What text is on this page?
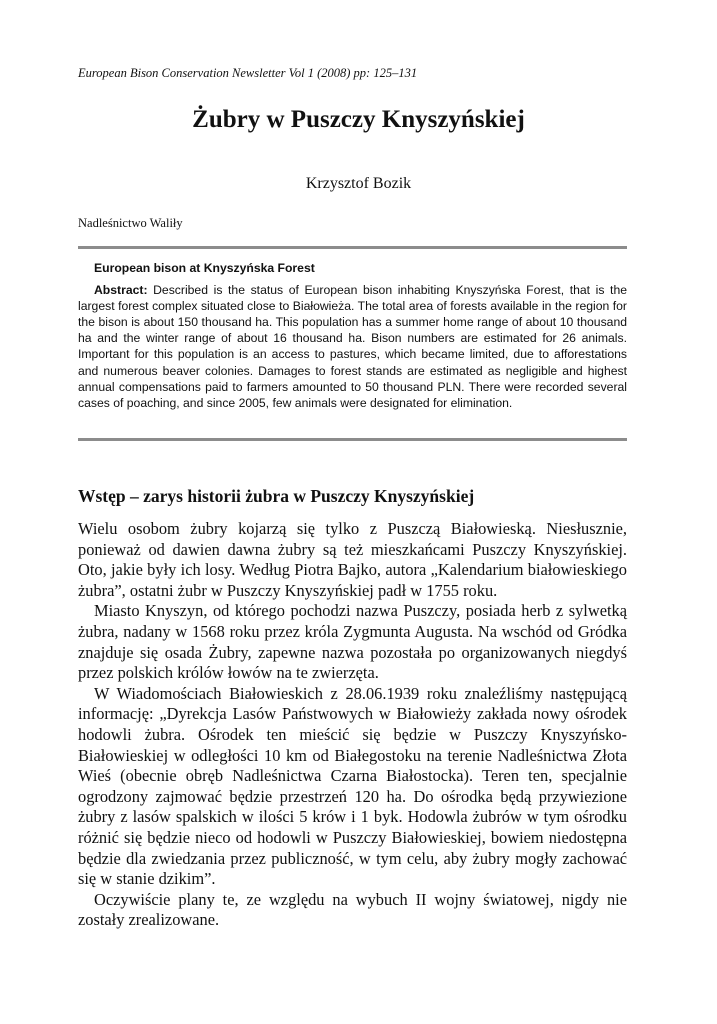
European Bison Conservation Newsletter Vol 1 (2008) pp: 125–131
Żubry w Puszczy Knyszyńskiej
Krzysztof Bozik
Nadleśnictwo Waliły
European bison at Knyszyńska Forest

Abstract: Described is the status of European bison inhabiting Knyszyńska Forest, that is the largest forest complex situated close to Białowieża. The total area of forests available in the region for the bison is about 150 thousand ha. This population has a summer home range of about 10 thousand ha and the winter range of about 16 thousand ha. Bison numbers are estimated for 26 animals. Important for this population is an access to pastures, which became limited, due to afforestations and numerous beaver colonies. Damages to forest stands are estimated as negligible and highest annual compensations paid to farmers amounted to 50 thousand PLN. There were recorded several cases of poaching, and since 2005, few animals were designated for elimination.

Wstęp – zarys historii żubra w Puszczy Knyszyńskiej

Wielu osobom żubry kojarzą się tylko z Puszczą Białowieską. Niesłusznie, ponieważ od dawien dawna żubry są też mieszkańcami Puszczy Knyszyńskiej. Oto, jakie były ich losy. Według Piotra Bajko, autora „Kalendarium białowieskiego żubra”, ostatni żubr w Puszczy Knyszyńskiej padł w 1755 roku.

Miasto Knyszyn, od którego pochodzi nazwa Puszczy, posiada herb z sylwetką żubra, nadany w 1568 roku przez króla Zygmunta Augusta. Na wschód od Gródka znajduje się osada Żubry, zapewne nazwa pozostała po organizowanych niegdyś przez polskich królów łowów na te zwierzęta.

W Wiadomościach Białowieskich z 28.06.1939 roku znaleźliśmy następującą informację: „Dyrekcja Lasów Państwowych w Białowieży zakłada nowy ośrodek hodowli żubra. Ośrodek ten mieścić się będzie w Puszczy Knyszyńsko-Białowieskiej w odległości 10 km od Białegostoku na terenie Nadleśnictwa Złota Wieś (obecnie obręb Nadleśnictwa Czarna Białostocka). Teren ten, specjalnie ogrodzony zajmować będzie przestrzeń 120 ha. Do ośrodka będą przywiezione żubry z lasów spalskich w ilości 5 krów i 1 byk. Hodowla żubrów w tym ośrodku różnić się będzie nieco od hodowli w Puszczy Białowieskiej, bowiem niedostępna będzie dla zwiedzania przez publiczność, w tym celu, aby żubry mogły zachować się w stanie dzikim”.

Oczywiście plany te, ze względu na wybuch II wojny światowej, nigdy nie zostały zrealizowane.
